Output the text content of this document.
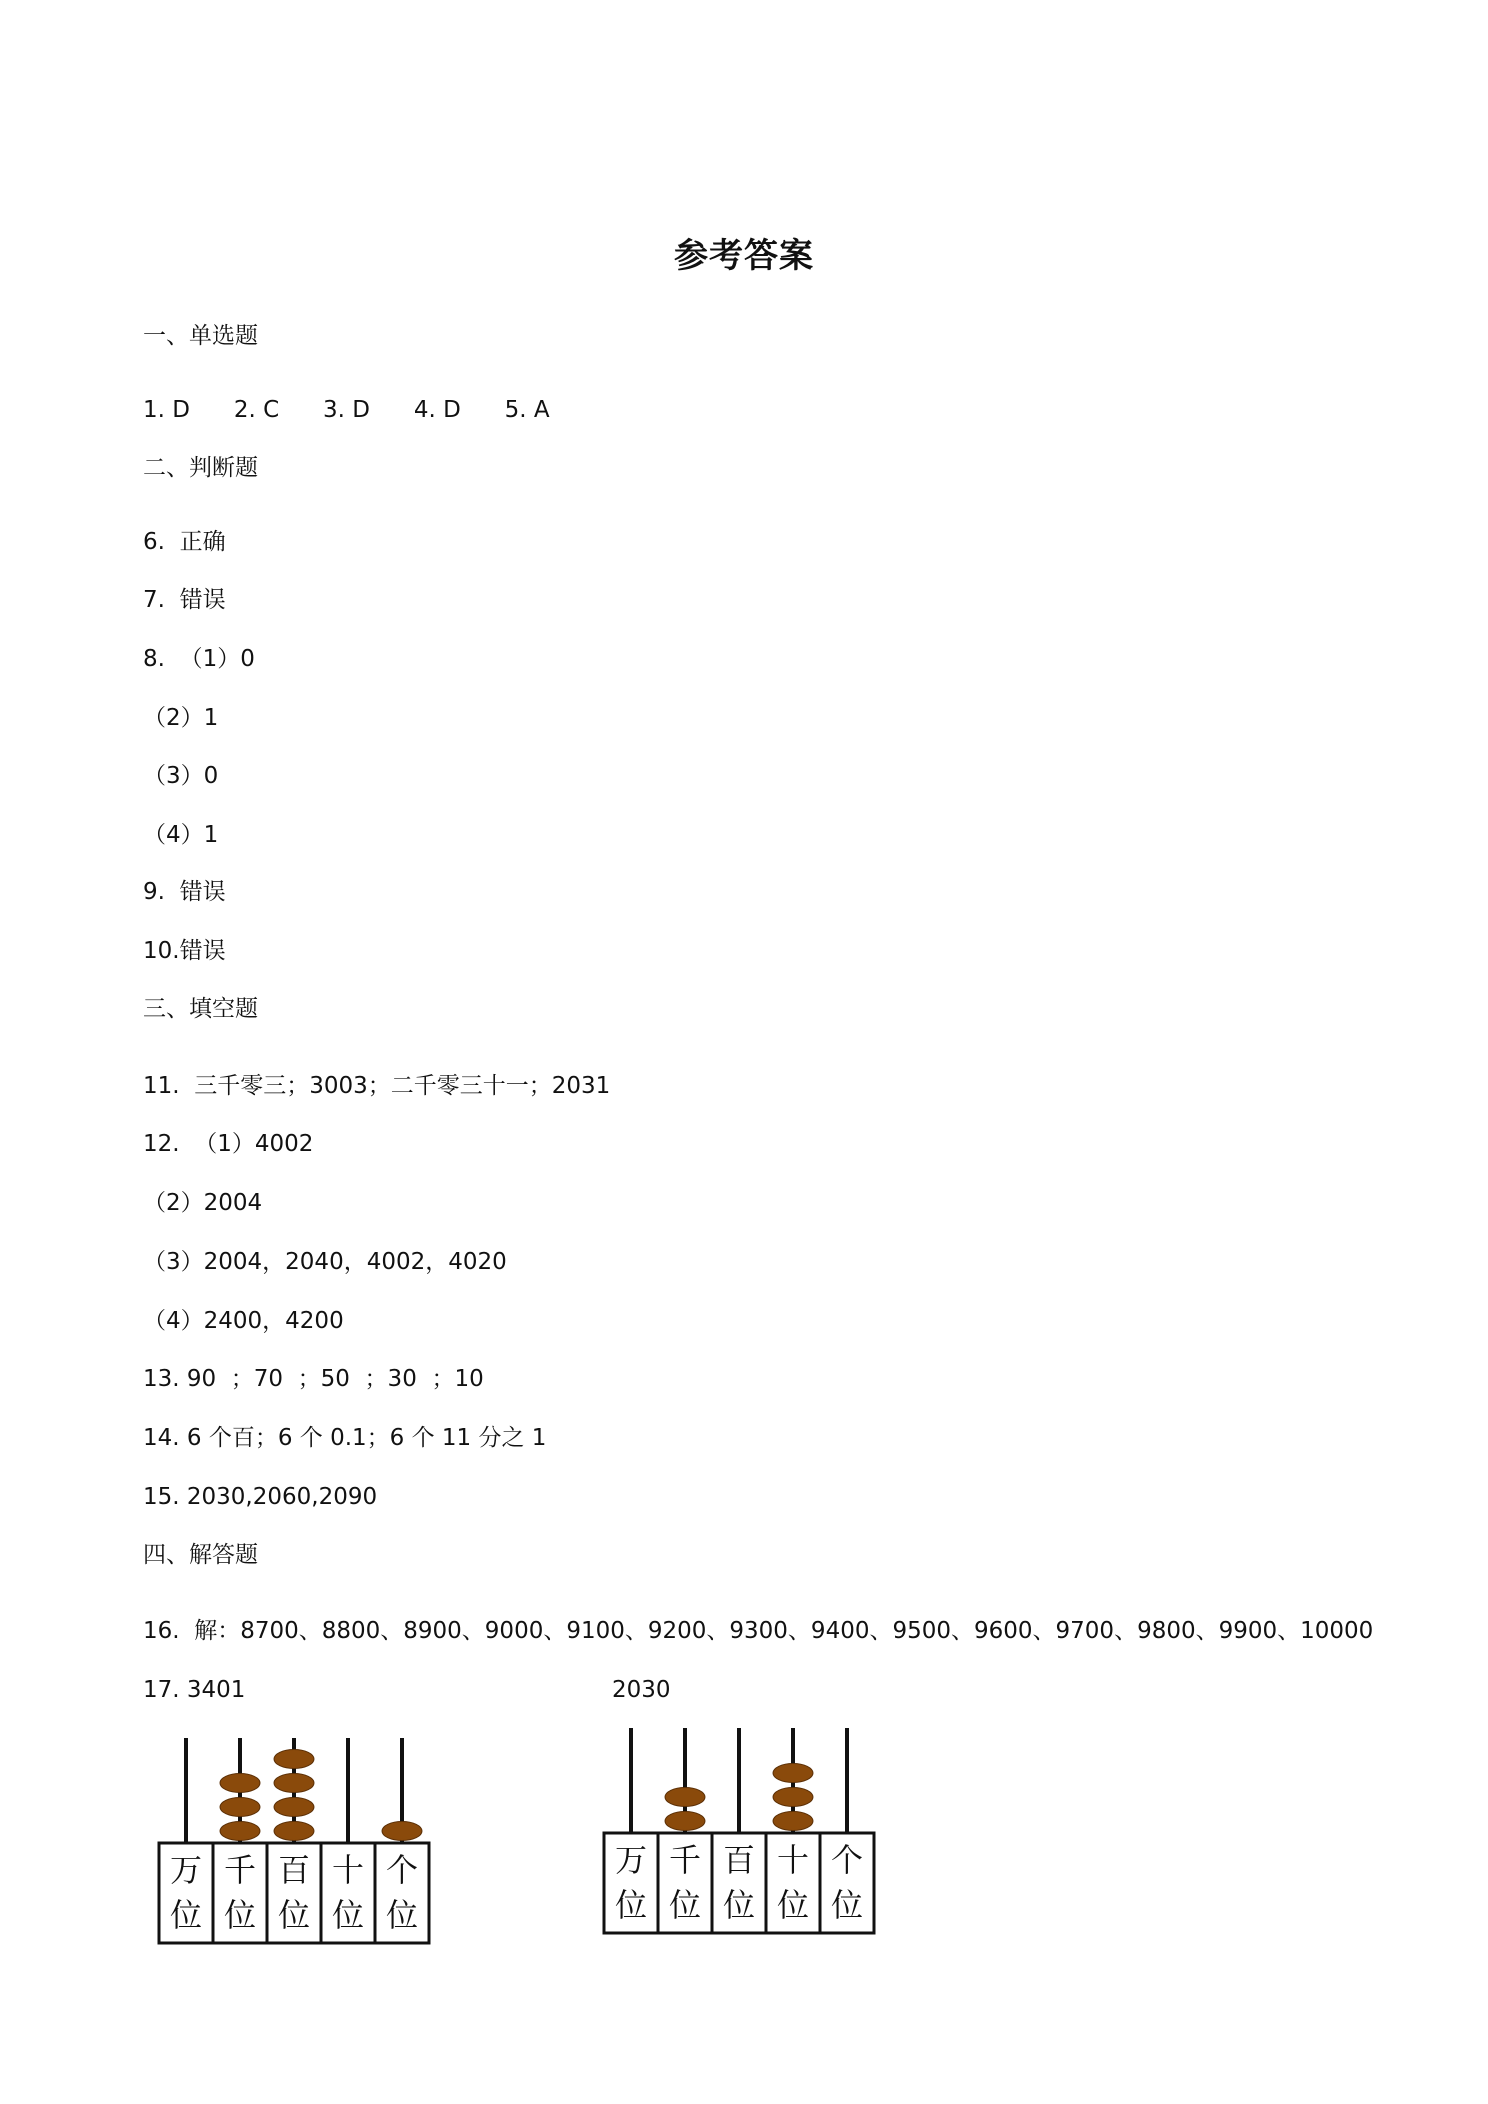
参考答案
一、单选题
1. D      2. C      3. D      4. D      5. A
二、判断题
6.  正确
7.  错误
8.  （1）0
（2）1
（3）0
（4）1
9.  错误
10.错误
三、填空题
11.  三千零三；3003；二千零三十一；2031
12.  （1）4002
（2）2004
（3）2004，2040，4002，4020
（4）2400，4200
13. 90  ；70  ；50  ；30  ；10
14. 6 个百；6 个 0.1；6 个 11 分之 1
15. 2030,2060,2090
四、解答题
16.  解：8700、8800、8900、9000、9100、9200、9300、9400、9500、9600、9700、9800、9900、10000
17. 3401	2030
万
位
千
位
百
位
十
位
个
位
万
位
千
位
百
位
十
位
个
位
